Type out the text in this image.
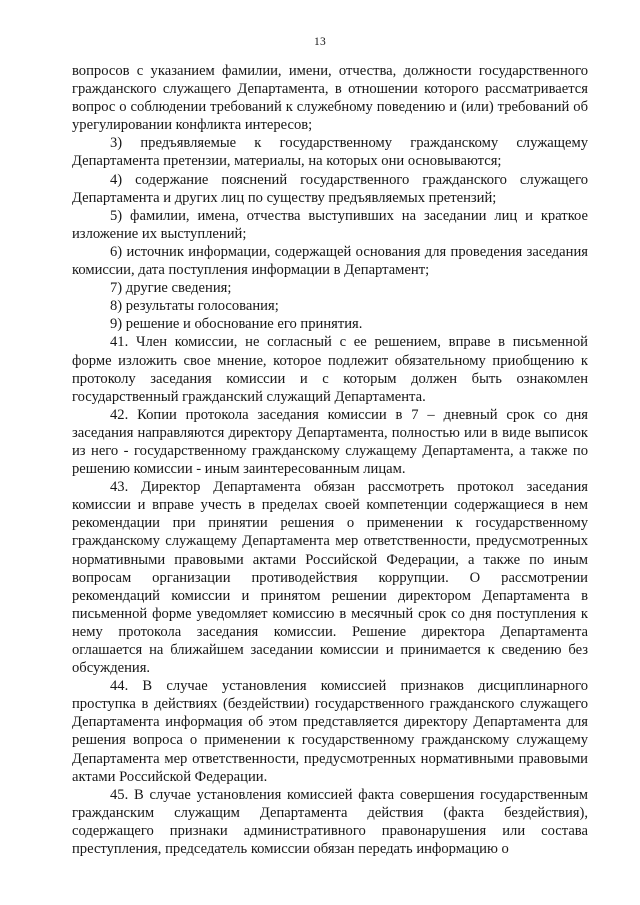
13

вопросов с указанием фамилии, имени, отчества, должности государственного гражданского служащего Департамента, в отношении которого рассматривается вопрос о соблюдении требований к служебному поведению и (или) требований об урегулировании конфликта интересов;

3) предъявляемые к государственному гражданскому служащему Департамента претензии, материалы, на которых они основываются;

4) содержание пояснений государственного гражданского служащего Департамента и других лиц по существу предъявляемых претензий;

5) фамилии, имена, отчества выступивших на заседании лиц и краткое изложение их выступлений;

6) источник информации, содержащей основания для проведения заседания комиссии, дата поступления информации в Департамент;

7) другие сведения;

8) результаты голосования;

9) решение и обоснование его принятия.

41. Член комиссии, не согласный с ее решением, вправе в письменной форме изложить свое мнение, которое подлежит обязательному приобщению к протоколу заседания комиссии и с которым должен быть ознакомлен государственный гражданский служащий Департамента.

42. Копии протокола заседания комиссии в 7 – дневный срок со дня заседания направляются директору Департамента, полностью или в виде выписок из него - государственному гражданскому служащему Департамента, а также по решению комиссии - иным заинтересованным лицам.

43. Директор Департамента обязан рассмотреть протокол заседания комиссии и вправе учесть в пределах своей компетенции содержащиеся в нем рекомендации при принятии решения о применении к государственному гражданскому служащему Департамента мер ответственности, предусмотренных нормативными правовыми актами Российской Федерации, а также по иным вопросам организации противодействия коррупции. О рассмотрении рекомендаций комиссии и принятом решении директором Департамента в письменной форме уведомляет комиссию в месячный срок со дня поступления к нему протокола заседания комиссии. Решение директора Департамента оглашается на ближайшем заседании комиссии и принимается к сведению без обсуждения.

44. В случае установления комиссией признаков дисциплинарного проступка в действиях (бездействии) государственного гражданского служащего Департамента информация об этом представляется директору Департамента для решения вопроса о применении к государственному гражданскому служащему Департамента мер ответственности, предусмотренных нормативными правовыми актами Российской Федерации.

45. В случае установления комиссией факта совершения государственным гражданским служащим Департамента действия (факта бездействия), содержащего признаки административного правонарушения или состава преступления, председатель комиссии обязан передать информацию о
